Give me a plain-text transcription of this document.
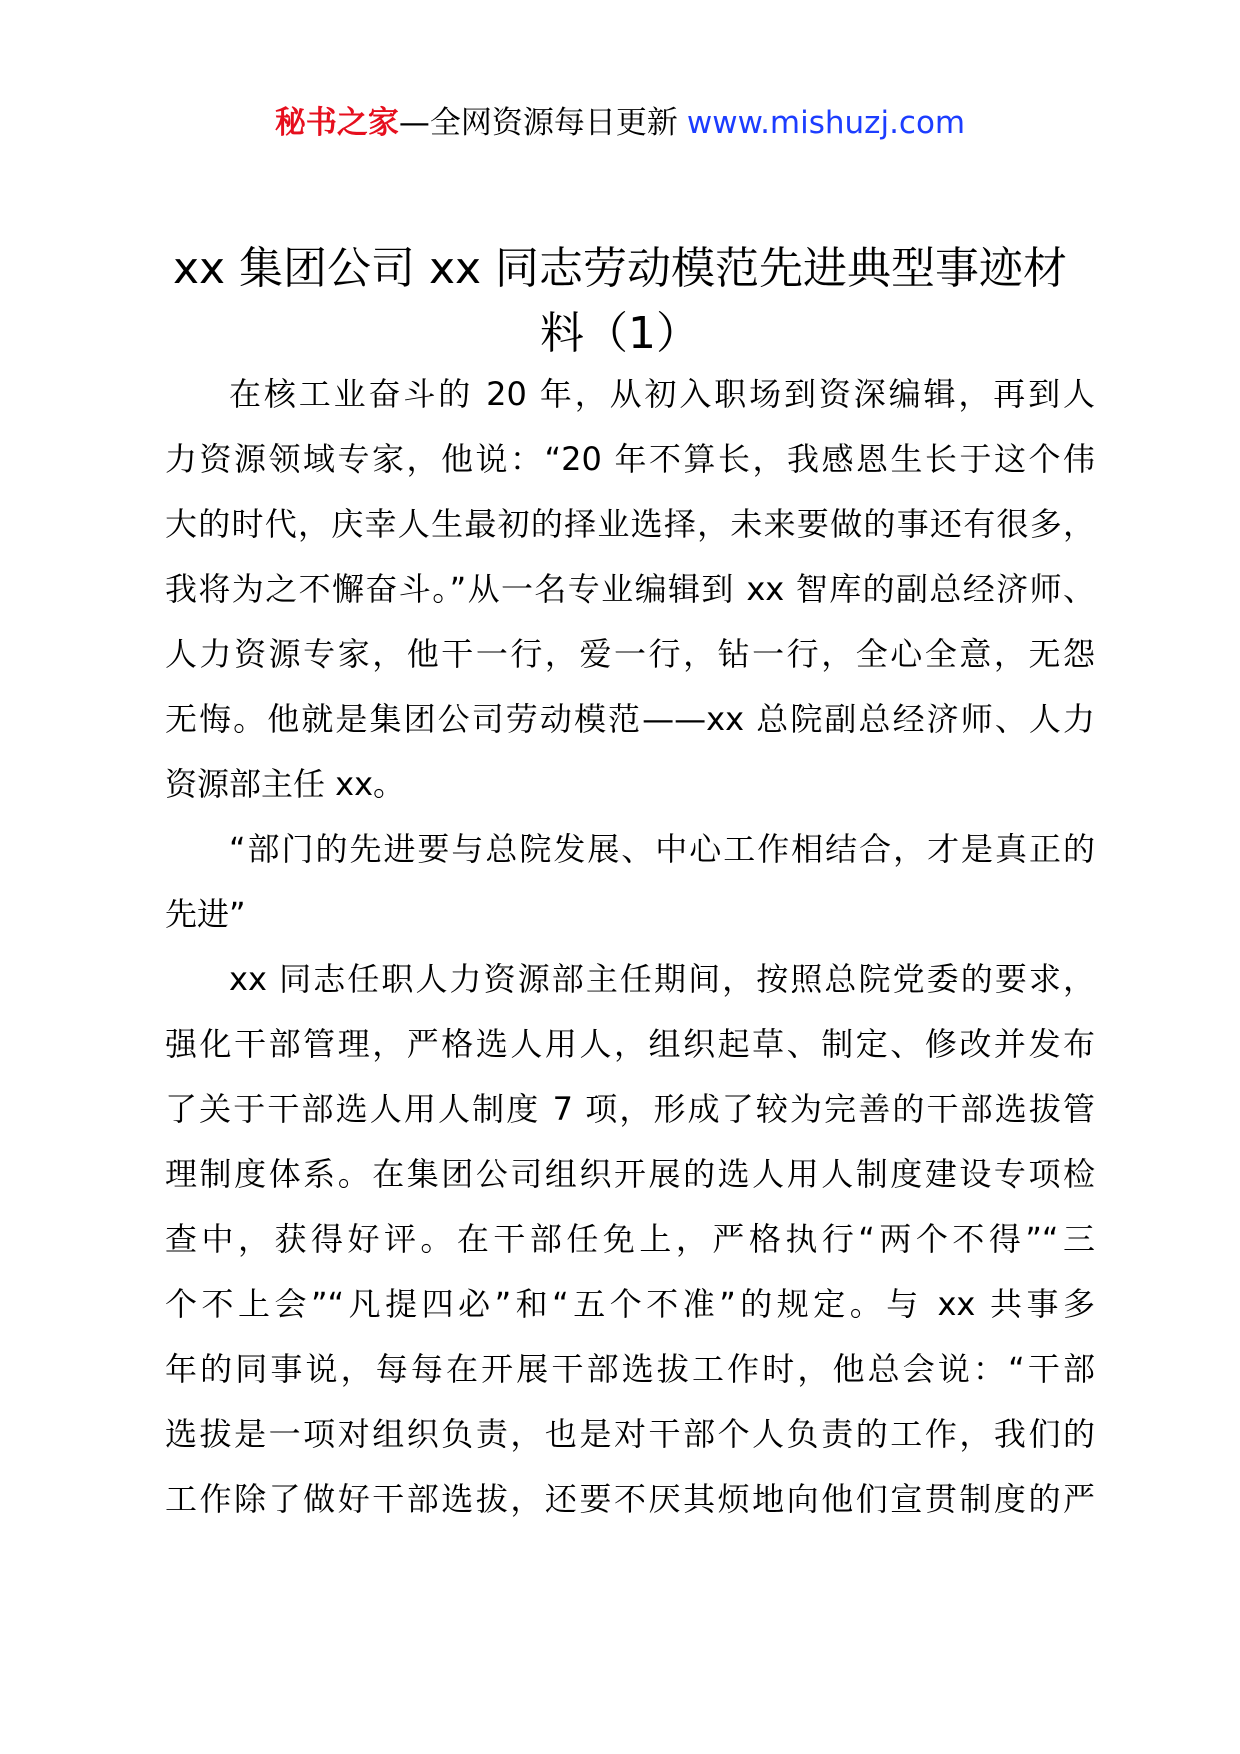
秘书之家—全网资源每日更新 www.mishuzj.com
xx 集团公司 xx 同志劳动模范先进典型事迹材
料（1）
在核工业奋斗的 20 年，从初入职场到资深编辑，再到人
力资源领域专家，他说：“20 年不算长，我感恩生长于这个伟
大的时代，庆幸人生最初的择业选择，未来要做的事还有很多，
我将为之不懈奋斗。”从一名专业编辑到 xx 智库的副总经济师、
人力资源专家，他干一行，爱一行，钻一行，全心全意，无怨
无悔。他就是集团公司劳动模范——xx 总院副总经济师、人力
资源部主任 xx。
“部门的先进要与总院发展、中心工作相结合，才是真正的
先进”
xx 同志任职人力资源部主任期间，按照总院党委的要求，
强化干部管理，严格选人用人，组织起草、制定、修改并发布
了关于干部选人用人制度 7 项，形成了较为完善的干部选拔管
理制度体系。在集团公司组织开展的选人用人制度建设专项检
查中，获得好评。在干部任免上，严格执行“两个不得”“三
个不上会”“凡提四必”和“五个不准”的规定。与 xx 共事多
年的同事说，每每在开展干部选拔工作时，他总会说：“干部
选拔是一项对组织负责，也是对干部个人负责的工作，我们的
工作除了做好干部选拔，还要不厌其烦地向他们宣贯制度的严
